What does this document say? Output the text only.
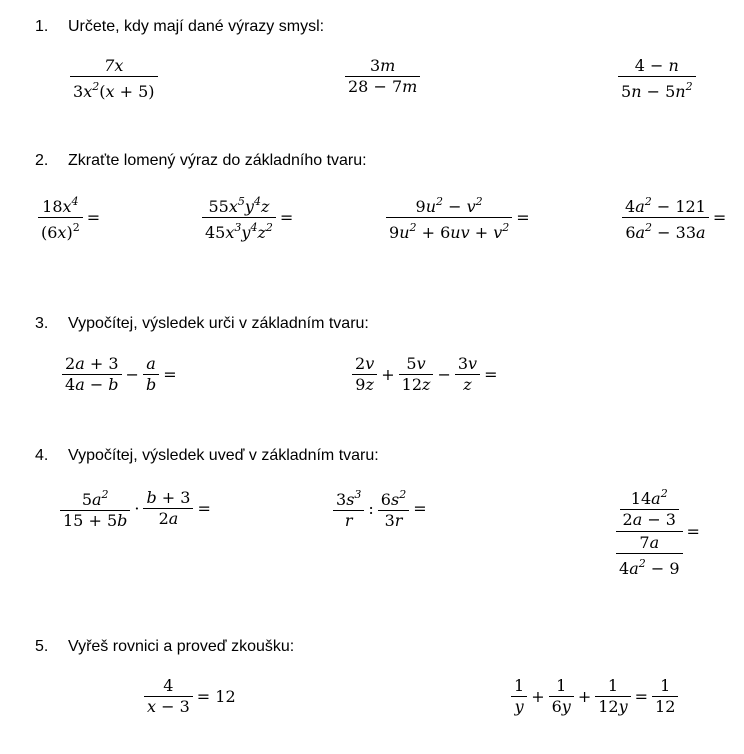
1. Určete, kdy mají dané výrazy smysl:
$\frac{7x}{3x^2(x + 5)}$	$\frac{3m}{28 - 7m}$	$\frac{4 - n}{5n - 5n^2}$
2. Zkraťte lomený výraz do základního tvaru:
$\frac{18x^4}{(6x)^2}$ =	$\frac{55x^5y^4z}{45x^3y^4z^2}$ =	$\frac{9u^2 - v^2}{9u^2 + 6uv + v^2}$ =	$\frac{4a^2 - 121}{6a^2 - 33a}$ =
3. Vypočítej, výsledek urči v základním tvaru:
$\frac{2a + 3}{4a - b} - \frac{a}{b}$ =	$\frac{2v}{9z} + \frac{5v}{12z} - \frac{3v}{z}$ =
4. Vypočítej, výsledek uveď v základním tvaru:
$\frac{5a^2}{15 + 5b} \cdot \frac{b + 3}{2a}$ =	$\frac{3s^3}{r}$ : $\frac{6s^2}{3r}$ =	$\frac{\frac{14a^2}{2a - 3}}{\frac{7a}{4a^2 - 9}}$ =
5. Vyřeš rovnici a proveď zkoušku:
$\frac{4}{x - 3} = 12$	$\frac{1}{y} + \frac{1}{6y} + \frac{1}{12y} = \frac{1}{12}$
